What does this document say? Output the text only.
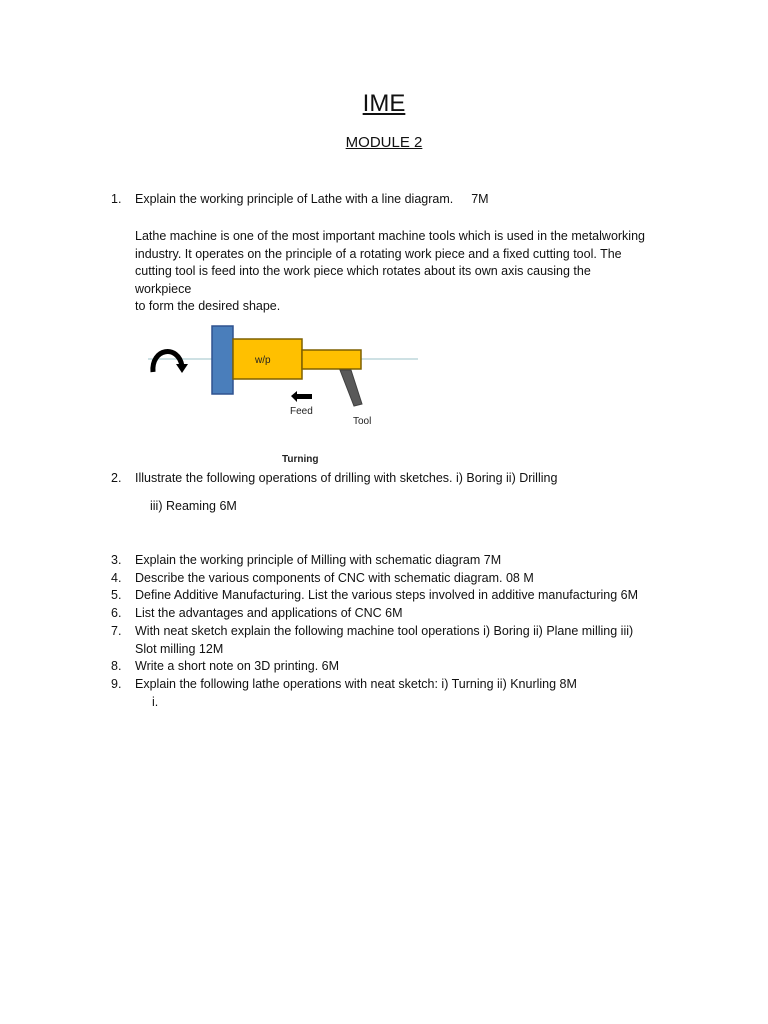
IME
MODULE 2
1. Explain the working principle of Lathe with a line diagram. 7M
Lathe machine is one of the most important machine tools which is used in the metalworking
industry. It operates on the principle of a rotating work piece and a fixed cutting tool. The
cutting tool is feed into the work piece which rotates about its own axis causing the
workpiece
to form the desired shape.
w/p
Feed
Tool
Turning
2. Illustrate the following operations of drilling with sketches. i) Boring ii) Drilling
iii) Reaming 6M
3. Explain the working principle of Milling with schematic diagram 7M
4. Describe the various components of CNC with schematic diagram. 08 M
5. Define Additive Manufacturing. List the various steps involved in additive manufacturing 6M
6. List the advantages and applications of CNC 6M
7. With neat sketch explain the following machine tool operations i) Boring ii) Plane milling iii)
Slot milling 12M
8. Write a short note on 3D printing. 6M
9. Explain the following lathe operations with neat sketch: i) Turning ii) Knurling 8M
i.
